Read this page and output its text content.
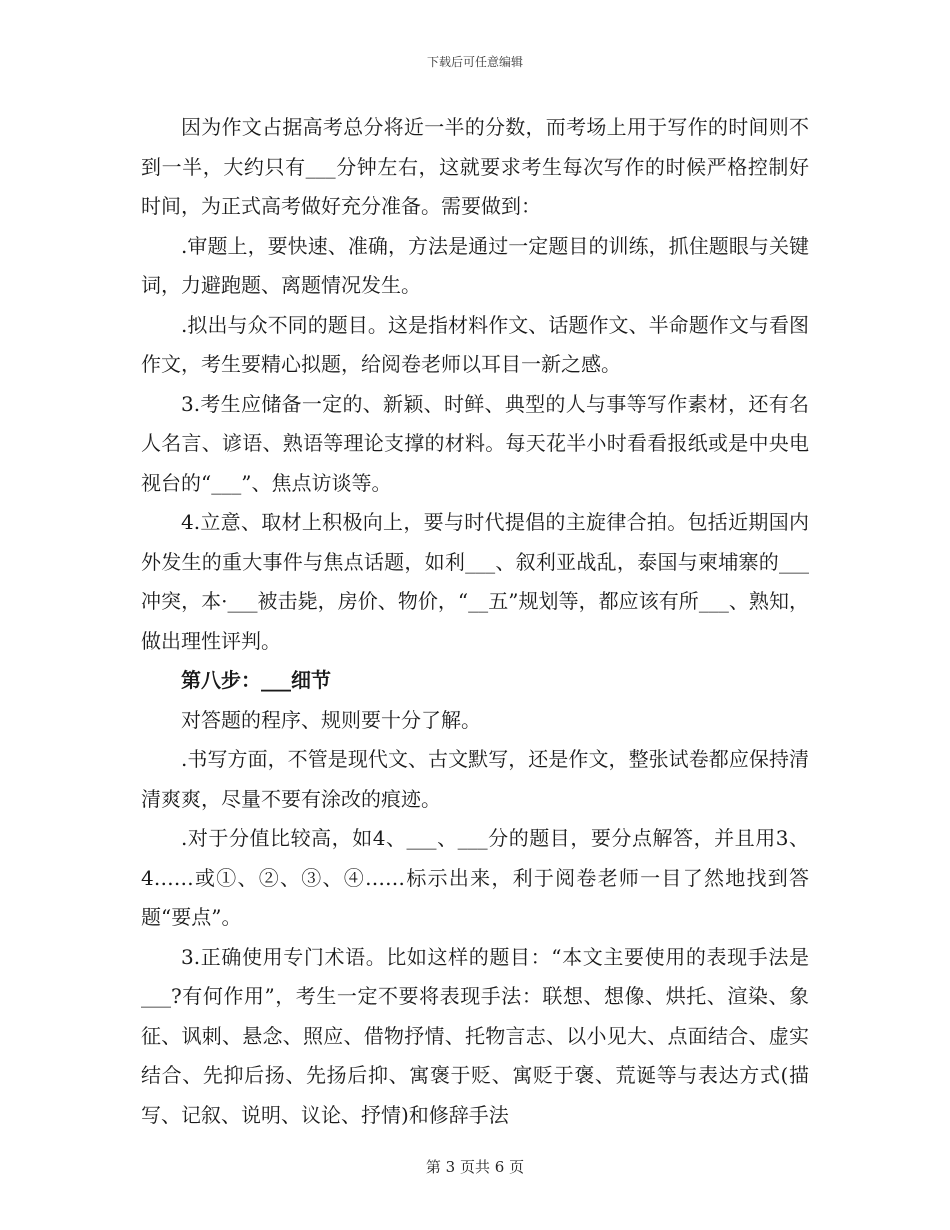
下载后可任意编辑

因为作文占据高考总分将近一半的分数，而考场上用于写作的时间则不到一半，大约只有___分钟左右，这就要求考生每次写作的时候严格控制好时间，为正式高考做好充分准备。需要做到：

.审题上，要快速、准确，方法是通过一定题目的训练，抓住题眼与关键词，力避跑题、离题情况发生。

.拟出与众不同的题目。这是指材料作文、话题作文、半命题作文与看图作文，考生要精心拟题，给阅卷老师以耳目一新之感。

3.考生应储备一定的、新颖、时鲜、典型的人与事等写作素材，还有名人名言、谚语、熟语等理论支撑的材料。每天花半小时看看报纸或是中央电视台的“___”、焦点访谈等。

4.立意、取材上积极向上，要与时代提倡的主旋律合拍。包括近期国内外发生的重大事件与焦点话题，如利___、叙利亚战乱，泰国与柬埔寨的___冲突，本·___被击毙，房价、物价，“__五”规划等，都应该有所___、熟知，做出理性评判。

第八步：___细节

对答题的程序、规则要十分了解。

.书写方面，不管是现代文、古文默写，还是作文，整张试卷都应保持清清爽爽，尽量不要有涂改的痕迹。

.对于分值比较高，如4、___、___分的题目，要分点解答，并且用3、4……或①、②、③、④……标示出来，利于阅卷老师一目了然地找到答题“要点”。

3.正确使用专门术语。比如这样的题目：“本文主要使用的表现手法是___?有何作用”，考生一定不要将表现手法：联想、想像、烘托、渲染、象征、讽刺、悬念、照应、借物抒情、托物言志、以小见大、点面结合、虚实结合、先抑后扬、先扬后抑、寓褒于贬、寓贬于褒、荒诞等与表达方式(描写、记叙、说明、议论、抒情)和修辞手法

第 3 页共 6 页
